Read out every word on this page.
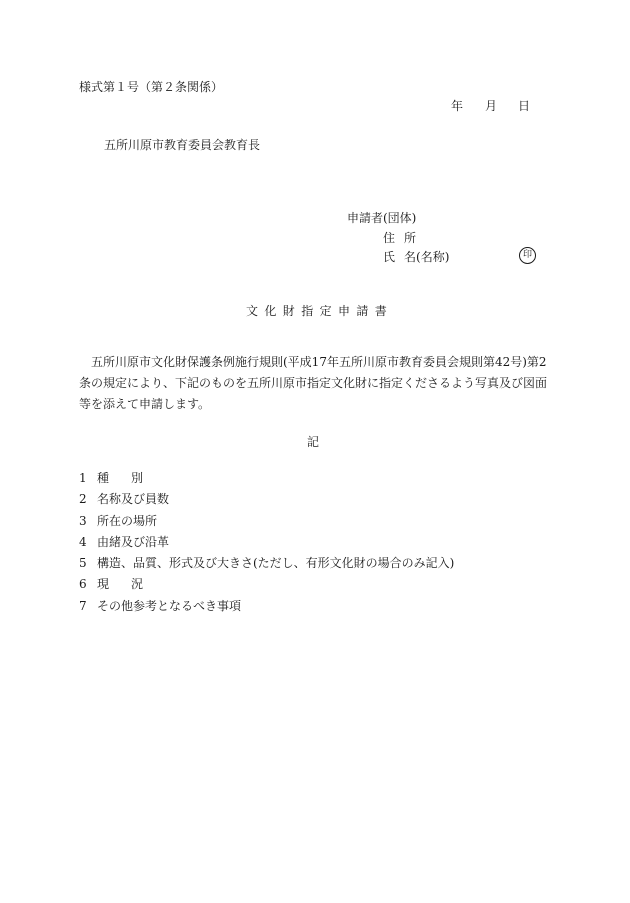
様式第１号（第２条関係）
年 月 日
五所川原市教育委員会教育長
申請者(団体)
住 所
氏 名(名称)	印
文化財指定申請書
五所川原市文化財保護条例施行規則(平成17年五所川原市教育委員会規則第42号)第2条の規定により、下記のものを五所川原市指定文化財に指定くださるよう写真及び図面等を添えて申請します。
記
1 種 別
2 名称及び員数
3 所在の場所
4 由緒及び沿革
5 構造、品質、形式及び大きさ(ただし、有形文化財の場合のみ記入)
6 現 況
7 その他参考となるべき事項
